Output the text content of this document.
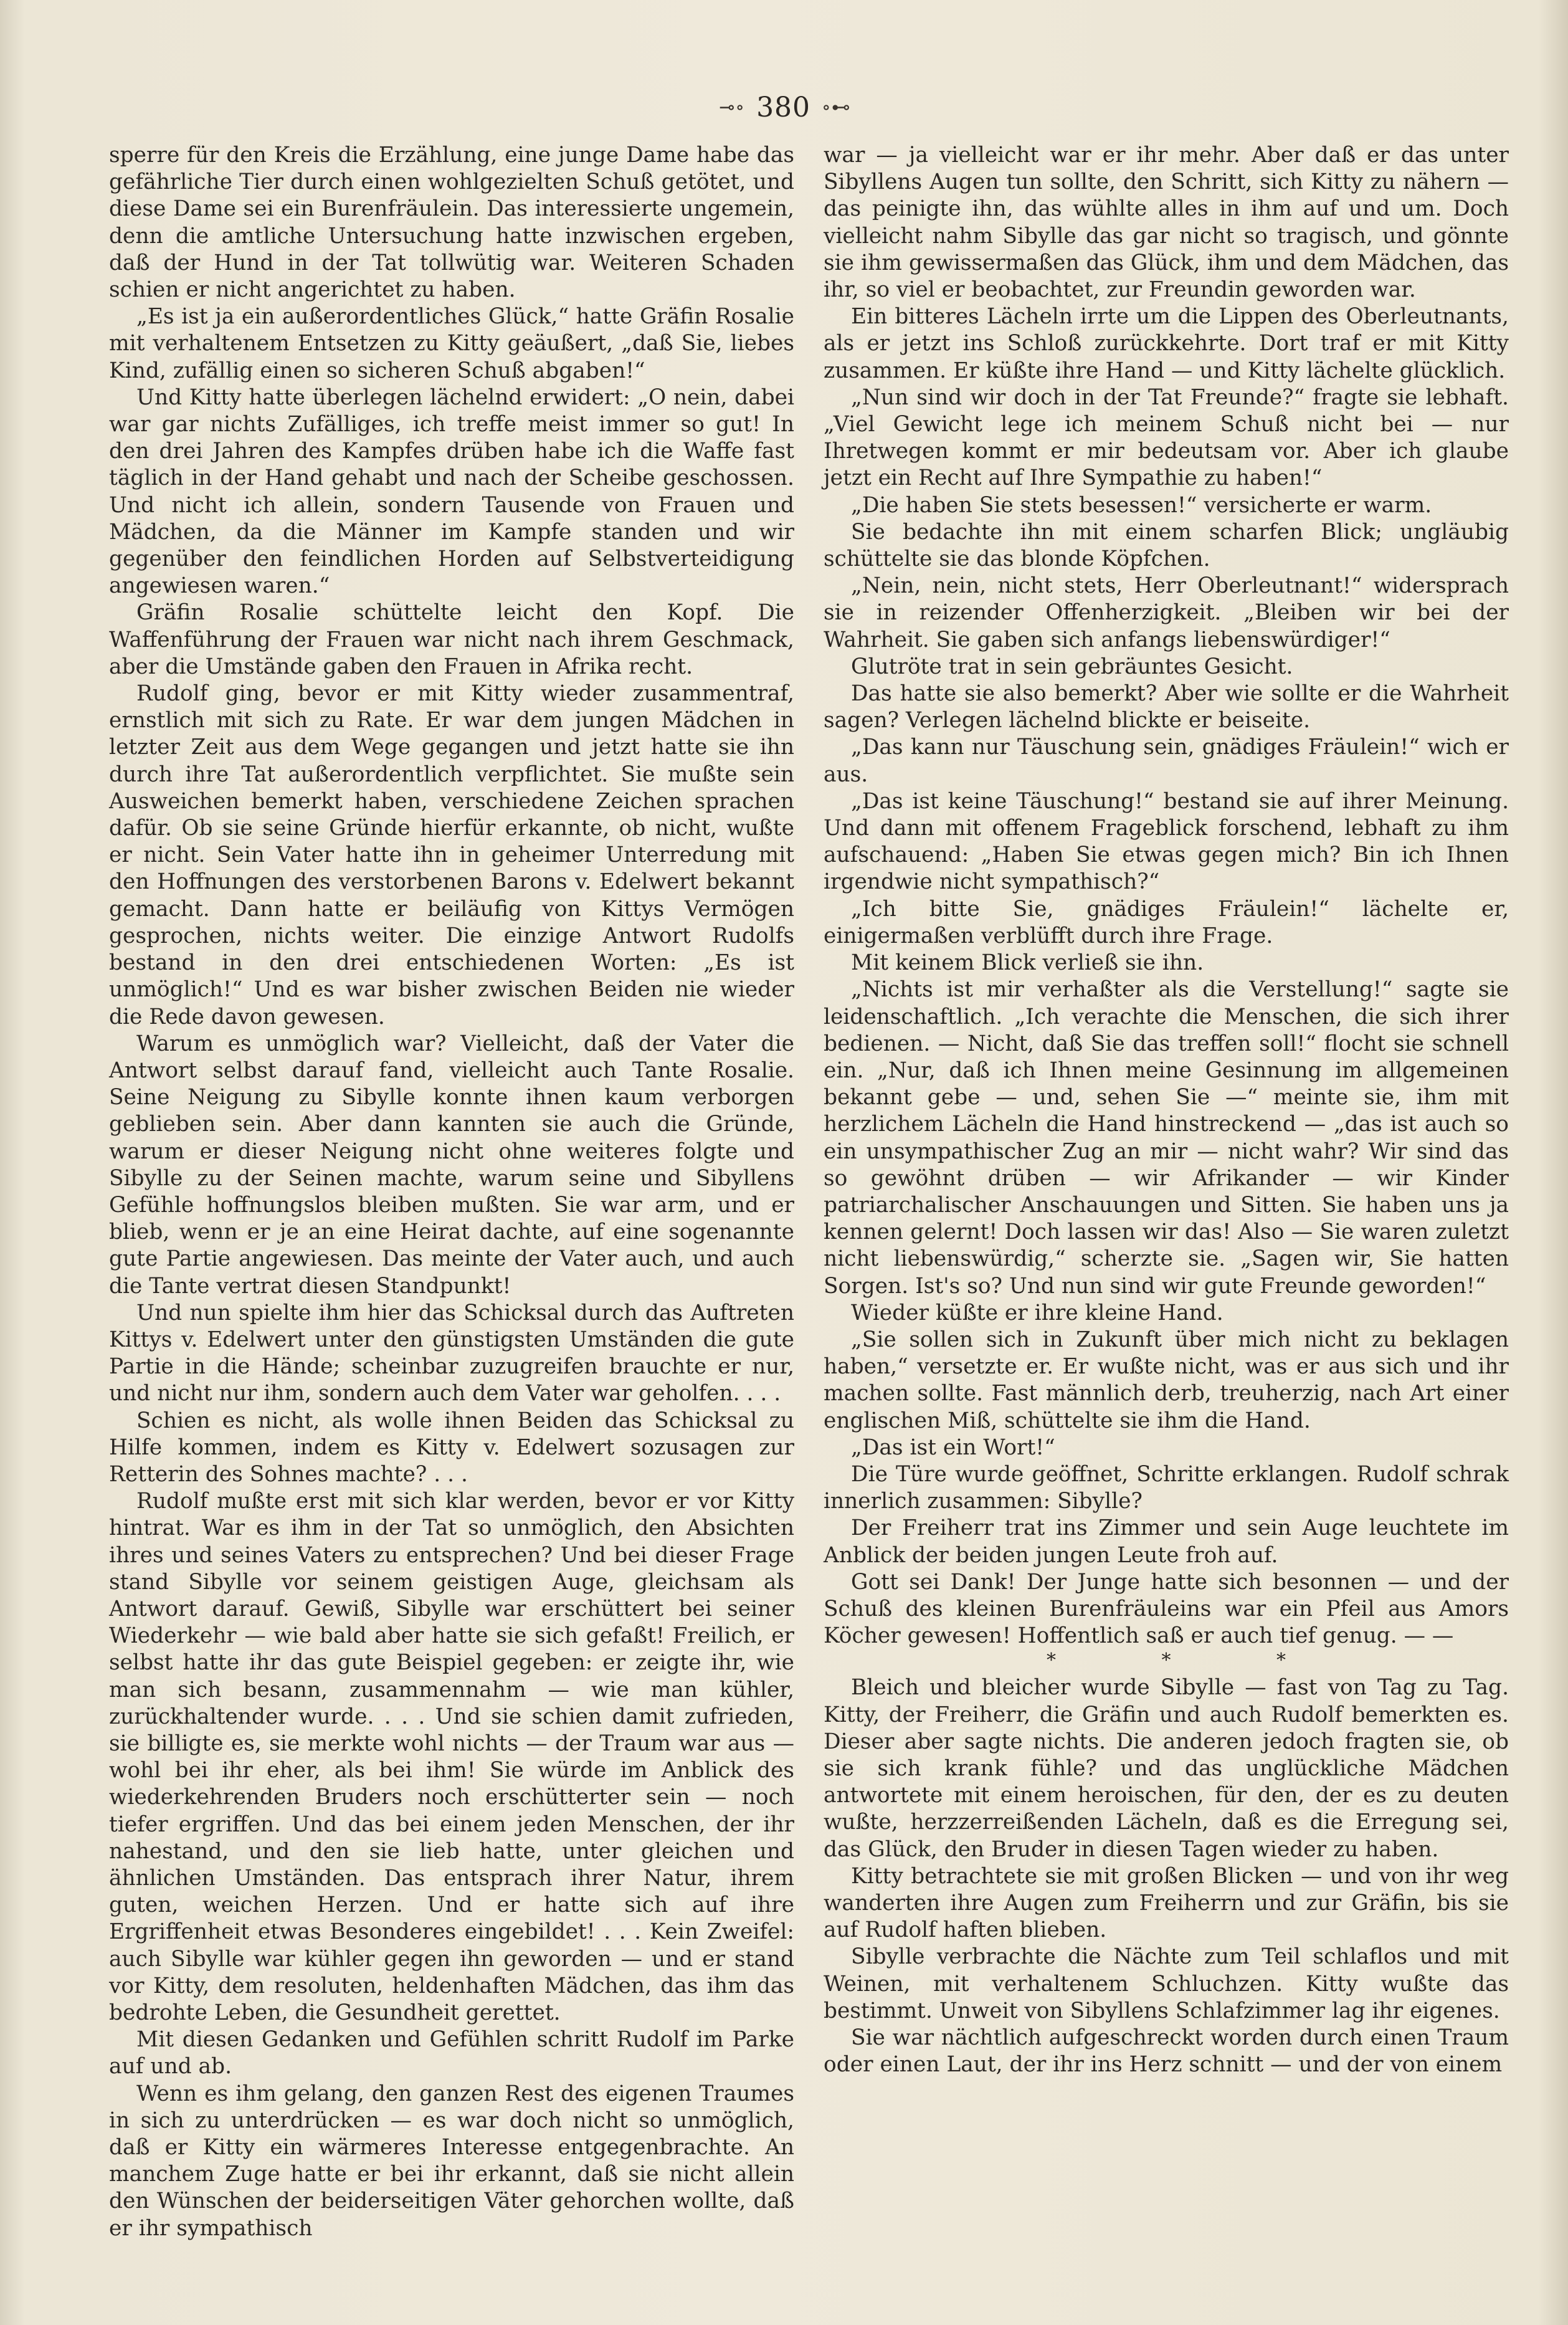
⊸∘ 380 ∘⊷

sperre für den Kreis die Erzählung, eine junge Dame habe das gefährliche Tier durch einen wohlgezielten Schuß getötet, und diese Dame sei ein Burenfräulein. Das interessierte ungemein, denn die amtliche Untersuchung hatte inzwischen ergeben, daß der Hund in der Tat tollwütig war. Weiteren Schaden schien er nicht angerichtet zu haben.

„Es ist ja ein außerordentliches Glück,“ hatte Gräfin Rosalie mit verhaltenem Entsetzen zu Kitty geäußert, „daß Sie, liebes Kind, zufällig einen so sicheren Schuß abgaben!“

Und Kitty hatte überlegen lächelnd erwidert: „O nein, dabei war gar nichts Zufälliges, ich treffe meist immer so gut! In den drei Jahren des Kampfes drüben habe ich die Waffe fast täglich in der Hand gehabt und nach der Scheibe geschossen. Und nicht ich allein, sondern Tausende von Frauen und Mädchen, da die Männer im Kampfe standen und wir gegenüber den feindlichen Horden auf Selbstverteidigung angewiesen waren.“

Gräfin Rosalie schüttelte leicht den Kopf. Die Waffenführung der Frauen war nicht nach ihrem Geschmack, aber die Umstände gaben den Frauen in Afrika recht.

Rudolf ging, bevor er mit Kitty wieder zusammentraf, ernstlich mit sich zu Rate. Er war dem jungen Mädchen in letzter Zeit aus dem Wege gegangen und jetzt hatte sie ihn durch ihre Tat außerordentlich verpflichtet. Sie mußte sein Ausweichen bemerkt haben, verschiedene Zeichen sprachen dafür. Ob sie seine Gründe hierfür erkannte, ob nicht, wußte er nicht. Sein Vater hatte ihn in geheimer Unterredung mit den Hoffnungen des verstorbenen Barons v. Edelwert bekannt gemacht. Dann hatte er beiläufig von Kittys Vermögen gesprochen, nichts weiter. Die einzige Antwort Rudolfs bestand in den drei entschiedenen Worten: „Es ist unmöglich!“ Und es war bisher zwischen Beiden nie wieder die Rede davon gewesen.

Warum es unmöglich war? Vielleicht, daß der Vater die Antwort selbst darauf fand, vielleicht auch Tante Rosalie. Seine Neigung zu Sibylle konnte ihnen kaum verborgen geblieben sein. Aber dann kannten sie auch die Gründe, warum er dieser Neigung nicht ohne weiteres folgte und Sibylle zu der Seinen machte, warum seine und Sibyllens Gefühle hoffnungslos bleiben mußten. Sie war arm, und er blieb, wenn er je an eine Heirat dachte, auf eine sogenannte gute Partie angewiesen. Das meinte der Vater auch, und auch die Tante vertrat diesen Standpunkt!

Und nun spielte ihm hier das Schicksal durch das Auftreten Kittys v. Edelwert unter den günstigsten Umständen die gute Partie in die Hände; scheinbar zuzugreifen brauchte er nur, und nicht nur ihm, sondern auch dem Vater war geholfen. . . .

Schien es nicht, als wolle ihnen Beiden das Schicksal zu Hilfe kommen, indem es Kitty v. Edelwert sozusagen zur Retterin des Sohnes machte? . . .

Rudolf mußte erst mit sich klar werden, bevor er vor Kitty hintrat. War es ihm in der Tat so unmöglich, den Absichten ihres und seines Vaters zu entsprechen? Und bei dieser Frage stand Sibylle vor seinem geistigen Auge, gleichsam als Antwort darauf. Gewiß, Sibylle war erschüttert bei seiner Wiederkehr — wie bald aber hatte sie sich gefaßt! Freilich, er selbst hatte ihr das gute Beispiel gegeben: er zeigte ihr, wie man sich besann, zusammennahm — wie man kühler, zurückhaltender wurde. . . . Und sie schien damit zufrieden, sie billigte es, sie merkte wohl nichts — der Traum war aus — wohl bei ihr eher, als bei ihm! Sie würde im Anblick des wiederkehrenden Bruders noch erschütterter sein — noch tiefer ergriffen. Und das bei einem jeden Menschen, der ihr nahestand, und den sie lieb hatte, unter gleichen und ähnlichen Umständen. Das entsprach ihrer Natur, ihrem guten, weichen Herzen. Und er hatte sich auf ihre Ergriffenheit etwas Besonderes eingebildet! . . . Kein Zweifel: auch Sibylle war kühler gegen ihn geworden — und er stand vor Kitty, dem resoluten, heldenhaften Mädchen, das ihm das bedrohte Leben, die Gesundheit gerettet.

Mit diesen Gedanken und Gefühlen schritt Rudolf im Parke auf und ab.

Wenn es ihm gelang, den ganzen Rest des eigenen Traumes in sich zu unterdrücken — es war doch nicht so unmöglich, daß er Kitty ein wärmeres Interesse entgegenbrachte. An manchem Zuge hatte er bei ihr erkannt, daß sie nicht allein den Wünschen der beiderseitigen Väter gehorchen wollte, daß er ihr sympathisch

war — ja vielleicht war er ihr mehr. Aber daß er das unter Sibyllens Augen tun sollte, den Schritt, sich Kitty zu nähern — das peinigte ihn, das wühlte alles in ihm auf und um. Doch vielleicht nahm Sibylle das gar nicht so tragisch, und gönnte sie ihm gewissermaßen das Glück, ihm und dem Mädchen, das ihr, so viel er beobachtet, zur Freundin geworden war.

Ein bitteres Lächeln irrte um die Lippen des Oberleutnants, als er jetzt ins Schloß zurückkehrte. Dort traf er mit Kitty zusammen. Er küßte ihre Hand — und Kitty lächelte glücklich.

„Nun sind wir doch in der Tat Freunde?“ fragte sie lebhaft. „Viel Gewicht lege ich meinem Schuß nicht bei — nur Ihretwegen kommt er mir bedeutsam vor. Aber ich glaube jetzt ein Recht auf Ihre Sympathie zu haben!“

„Die haben Sie stets besessen!“ versicherte er warm.

Sie bedachte ihn mit einem scharfen Blick; ungläubig schüttelte sie das blonde Köpfchen.

„Nein, nein, nicht stets, Herr Oberleutnant!“ widersprach sie in reizender Offenherzigkeit. „Bleiben wir bei der Wahrheit. Sie gaben sich anfangs liebenswürdiger!“

Glutröte trat in sein gebräuntes Gesicht.

Das hatte sie also bemerkt? Aber wie sollte er die Wahrheit sagen? Verlegen lächelnd blickte er beiseite.

„Das kann nur Täuschung sein, gnädiges Fräulein!“ wich er aus.

„Das ist keine Täuschung!“ bestand sie auf ihrer Meinung. Und dann mit offenem Frageblick forschend, lebhaft zu ihm aufschauend: „Haben Sie etwas gegen mich? Bin ich Ihnen irgendwie nicht sympathisch?“

„Ich bitte Sie, gnädiges Fräulein!“ lächelte er, einigermaßen verblüfft durch ihre Frage.

Mit keinem Blick verließ sie ihn.

„Nichts ist mir verhaßter als die Verstellung!“ sagte sie leidenschaftlich. „Ich verachte die Menschen, die sich ihrer bedienen. — Nicht, daß Sie das treffen soll!“ flocht sie schnell ein. „Nur, daß ich Ihnen meine Gesinnung im allgemeinen bekannt gebe — und, sehen Sie —“ meinte sie, ihm mit herzlichem Lächeln die Hand hinstreckend — „das ist auch so ein unsympathischer Zug an mir — nicht wahr? Wir sind das so gewöhnt drüben — wir Afrikander — wir Kinder patriarchalischer Anschauungen und Sitten. Sie haben uns ja kennen gelernt! Doch lassen wir das! Also — Sie waren zuletzt nicht liebenswürdig,“ scherzte sie. „Sagen wir, Sie hatten Sorgen. Ist's so? Und nun sind wir gute Freunde geworden!“

Wieder küßte er ihre kleine Hand.

„Sie sollen sich in Zukunft über mich nicht zu beklagen haben,“ versetzte er. Er wußte nicht, was er aus sich und ihr machen sollte. Fast männlich derb, treuherzig, nach Art einer englischen Miß, schüttelte sie ihm die Hand.

„Das ist ein Wort!“

Die Türe wurde geöffnet, Schritte erklangen. Rudolf schrak innerlich zusammen: Sibylle?

Der Freiherr trat ins Zimmer und sein Auge leuchtete im Anblick der beiden jungen Leute froh auf.

Gott sei Dank! Der Junge hatte sich besonnen — und der Schuß des kleinen Burenfräuleins war ein Pfeil aus Amors Köcher gewesen! Hoffentlich saß er auch tief genug. — —

* * *

Bleich und bleicher wurde Sibylle — fast von Tag zu Tag. Kitty, der Freiherr, die Gräfin und auch Rudolf bemerkten es. Dieser aber sagte nichts. Die anderen jedoch fragten sie, ob sie sich krank fühle? und das unglückliche Mädchen antwortete mit einem heroischen, für den, der es zu deuten wußte, herzzerreißenden Lächeln, daß es die Erregung sei, das Glück, den Bruder in diesen Tagen wieder zu haben.

Kitty betrachtete sie mit großen Blicken — und von ihr weg wanderten ihre Augen zum Freiherrn und zur Gräfin, bis sie auf Rudolf haften blieben.

Sibylle verbrachte die Nächte zum Teil schlaflos und mit Weinen, mit verhaltenem Schluchzen. Kitty wußte das bestimmt. Unweit von Sibyllens Schlafzimmer lag ihr eigenes.

Sie war nächtlich aufgeschreckt worden durch einen Traum oder einen Laut, der ihr ins Herz schnitt — und der von einem
